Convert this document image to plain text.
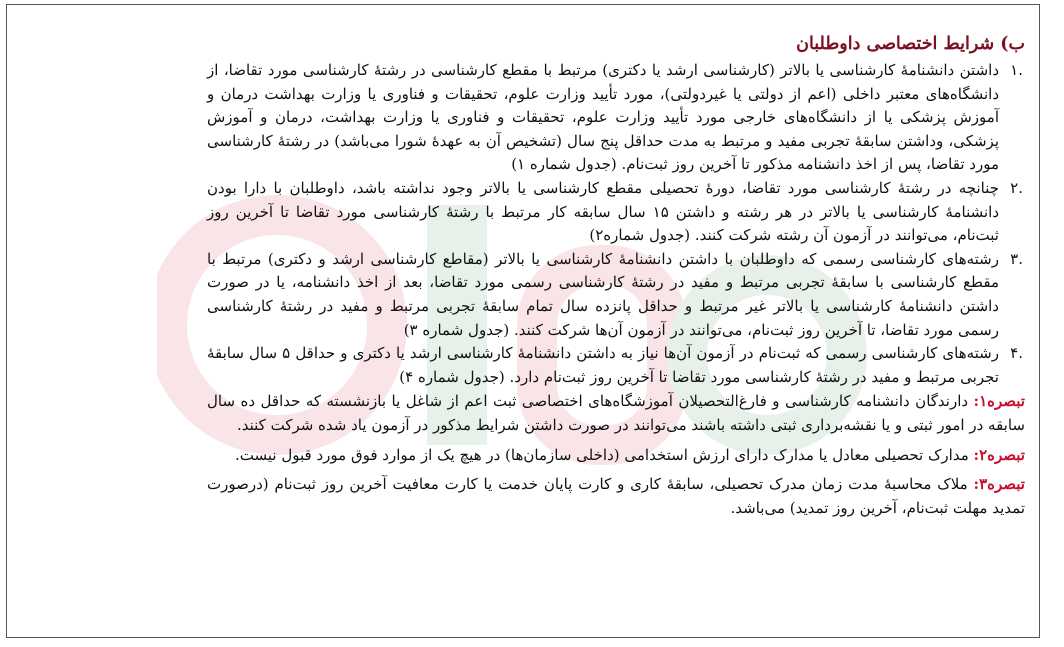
ب) شرایط اختصاصی داوطلبان
.۱
داشتن دانشنامهٔ کارشناسی یا بالاتر (کارشناسی ارشد یا دکتری) مرتبط با مقطع کارشناسی در رشتهٔ کارشناسی مورد تقاضا، از دانشگاه‌های معتبر داخلی (اعم از دولتی یا غیردولتی)، مورد تأیید وزارت علوم، تحقیقات و فناوری یا وزارت بهداشت درمان و آموزش پزشکی یا از دانشگاه‌های خارجی مورد تأیید وزارت علوم، تحقیقات و فناوری یا وزارت بهداشت، درمان و آموزش پزشکی، وداشتن سابقهٔ تجربی مفید و مرتبط به مدت حداقل پنج سال (تشخیص آن به عهدهٔ شورا می‌باشد) در رشتهٔ کارشناسی مورد تقاضا، پس از اخذ دانشنامه مذکور تا آخرین روز ثبت‌نام. (جدول شماره ۱)
.۲
چنانچه در رشتهٔ کارشناسی مورد تقاضا، دورهٔ تحصیلی مقطع کارشناسی یا بالاتر وجود نداشته باشد، داوطلبان با دارا بودن دانشنامهٔ کارشناسی یا بالاتر در هر رشته و داشتن ۱۵ سال سابقه کار مرتبط با رشتهٔ کارشناسی مورد تقاضا تا آخرین روز ثبت‌نام، می‌توانند در آزمون آن رشته شرکت کنند. (جدول شماره۲)
.۳
رشته‌های کارشناسی رسمی که داوطلبان با داشتن دانشنامهٔ کارشناسی یا بالاتر (مقاطع کارشناسی ارشد و دکتری) مرتبط با مقطع کارشناسی با سابقهٔ تجربی مرتبط و مفید در رشتهٔ کارشناسی رسمی مورد تقاضا، بعد از اخذ دانشنامه، یا در صورت داشتن دانشنامهٔ کارشناسی یا بالاتر غیر مرتبط و حداقل پانزده سال تمام سابقهٔ تجربی مرتبط و مفید در رشتهٔ کارشناسی رسمی مورد تقاضا، تا آخرین روز ثبت‌نام، می‌توانند در آزمون آن‌ها شرکت کنند. (جدول شماره ۳)
.۴
رشته‌های کارشناسی رسمی که ثبت‌نام در آزمون آن‌ها نیاز به داشتن دانشنامهٔ کارشناسی ارشد یا دکتری و حداقل ۵ سال سابقهٔ تجربی مرتبط و مفید در رشتهٔ کارشناسی مورد تقاضا تا آخرین روز ثبت‌نام دارد. (جدول شماره ۴)

تبصره۱: دارندگان دانشنامه کارشناسی و فارغ‌التحصیلان آموزشگاه‌های اختصاصی ثبت اعم از شاغل یا بازنشسته که حداقل ده سال سابقه در امور ثبتی و یا نقشه‌برداری ثبتی داشته باشند می‌توانند در صورت داشتن شرایط مذکور در آزمون یاد شده شرکت کنند.

تبصره۲: مدارک تحصیلی معادل یا مدارک دارای ارزش استخدامی (داخلی سازمان‌ها) در هیچ یک از موارد فوق مورد قبول نیست.

تبصره۳: ملاک محاسبهٔ مدت زمان مدرک تحصیلی، سابقهٔ کاری و کارت پایان خدمت یا کارت معافیت آخرین روز ثبت‌نام (درصورت تمدید مهلت ثبت‌نام، آخرین روز تمدید) می‌باشد.
